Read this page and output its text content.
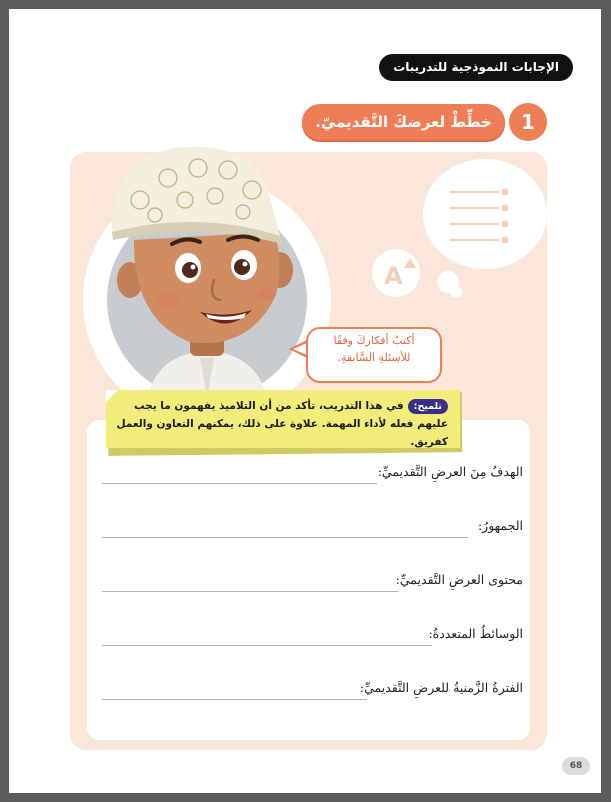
الإجابات النموذجية للتدريبات
1
خطِّطْ لعرضكَ التَّقديميّ.
A
أكتبُ أفكاركَ وفقًا
للأسئلةِ السَّابقةِ.
تلميح:في هذا التدريب، تأكد من أن التلاميذ يفهمون ما يجب عليهم فعله لأداء المهمة. علاوة على ذلك، يمكنهم التعاون والعمل كفريق.
الهدفُ مِنَ العرضِ التَّقديميِّ:
الجمهورُ:
محتوى العرضِ التَّقديميِّ:
الوسائطُ المتعددةُ:
الفترةُ الزَّمنيةُ للعرضِ التَّقديميِّ:
68
